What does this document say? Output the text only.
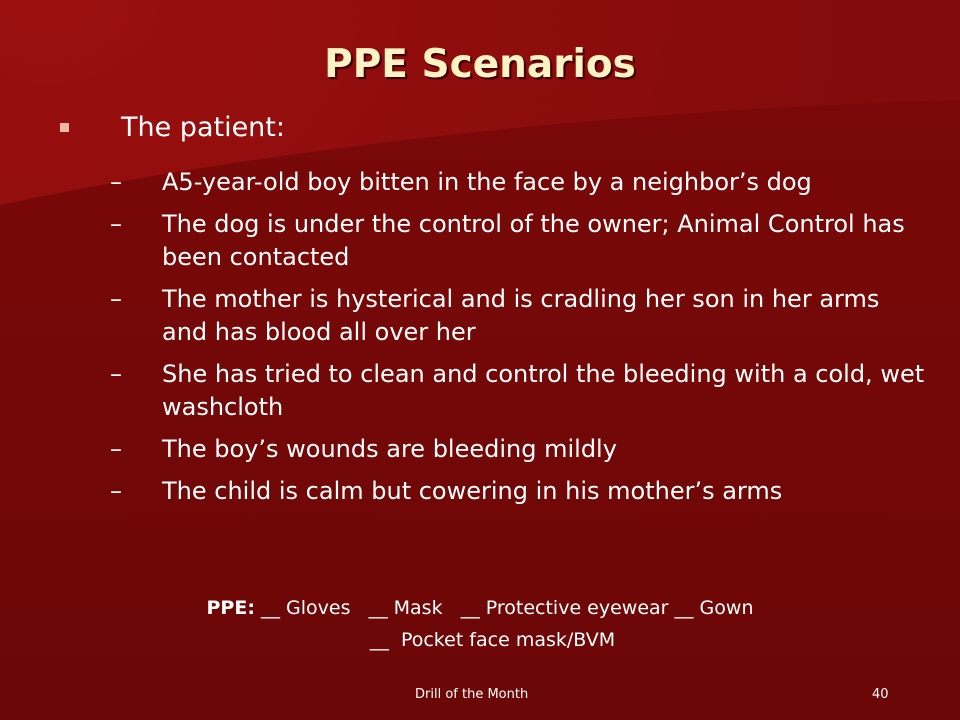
PPE Scenarios
The patient:
–	A5-year-old boy bitten in the face by a neighbor’s dog
–	The dog is under the control of the owner; Animal Control has been contacted
–	The mother is hysterical and is cradling her son in her arms and has blood all over her
–	She has tried to clean and control the bleeding with a cold, wet washcloth
–	The boy’s wounds are bleeding mildly
–	The child is calm but cowering in his mother’s arms
PPE: __ Gloves   __ Mask   __ Protective eyewear __ Gown
__  Pocket face mask/BVM
Drill of the Month	40
